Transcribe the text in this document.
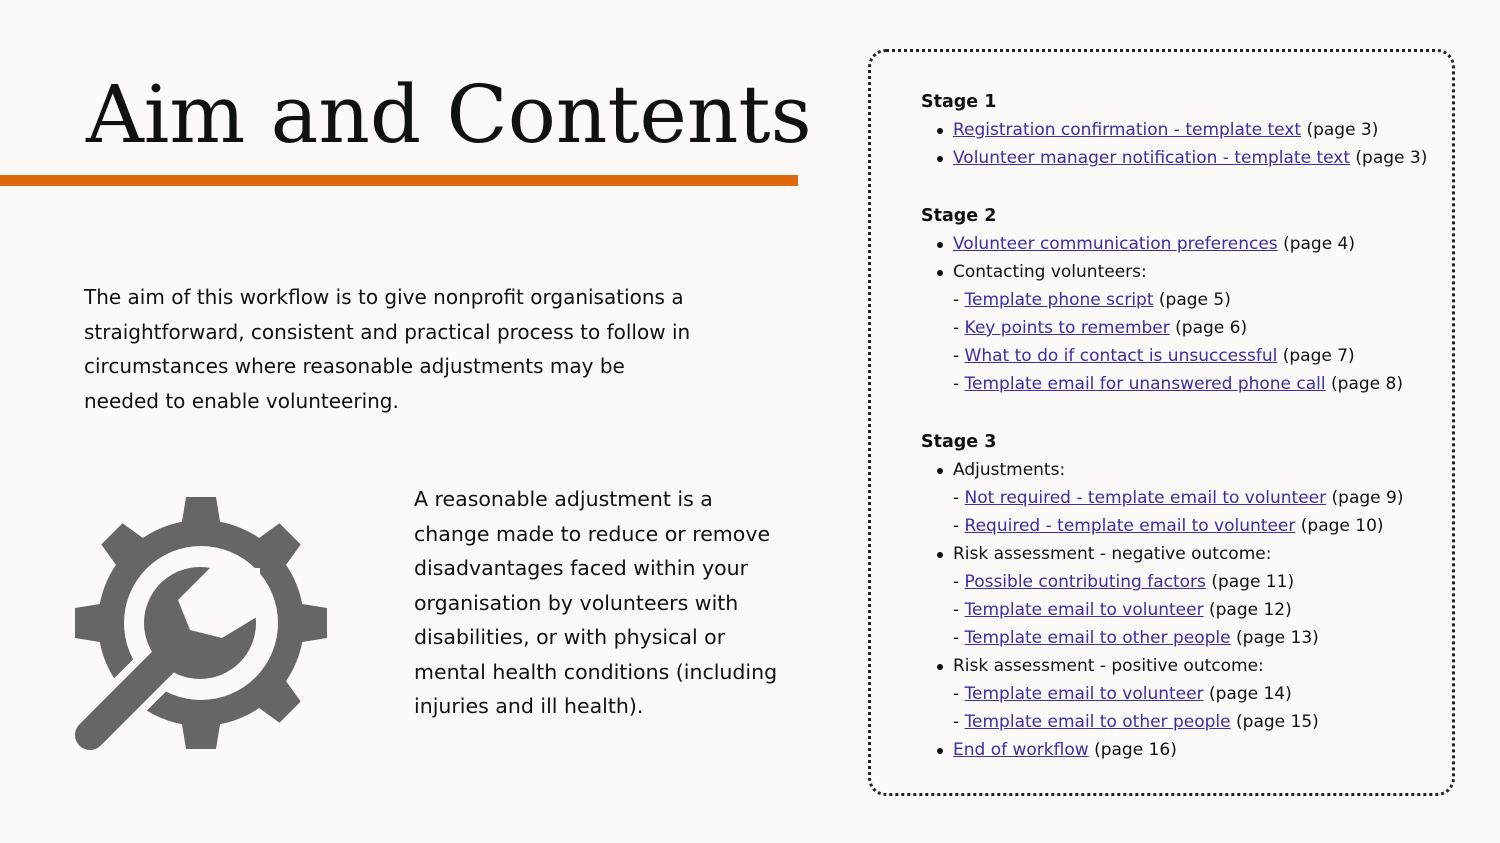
Aim and Contents

The aim of this workflow is to give nonprofit organisations a straightforward, consistent and practical process to follow in circumstances where reasonable adjustments may be needed to enable volunteering.

A reasonable adjustment is a change made to reduce or remove disadvantages faced within your organisation by volunteers with disabilities, or with physical or mental health conditions (including injuries and ill health).

Stage 1
Registration confirmation - template text (page 3)
Volunteer manager notification - template text (page 3)
Stage 2
Volunteer communication preferences (page 4)
Contacting volunteers:
- Template phone script (page 5)
- Key points to remember (page 6)
- What to do if contact is unsuccessful (page 7)
- Template email for unanswered phone call (page 8)
Stage 3
Adjustments:
- Not required - template email to volunteer (page 9)
- Required - template email to volunteer (page 10)
Risk assessment - negative outcome:
- Possible contributing factors (page 11)
- Template email to volunteer (page 12)
- Template email to other people (page 13)
Risk assessment - positive outcome:
- Template email to volunteer (page 14)
- Template email to other people (page 15)
End of workflow (page 16)
